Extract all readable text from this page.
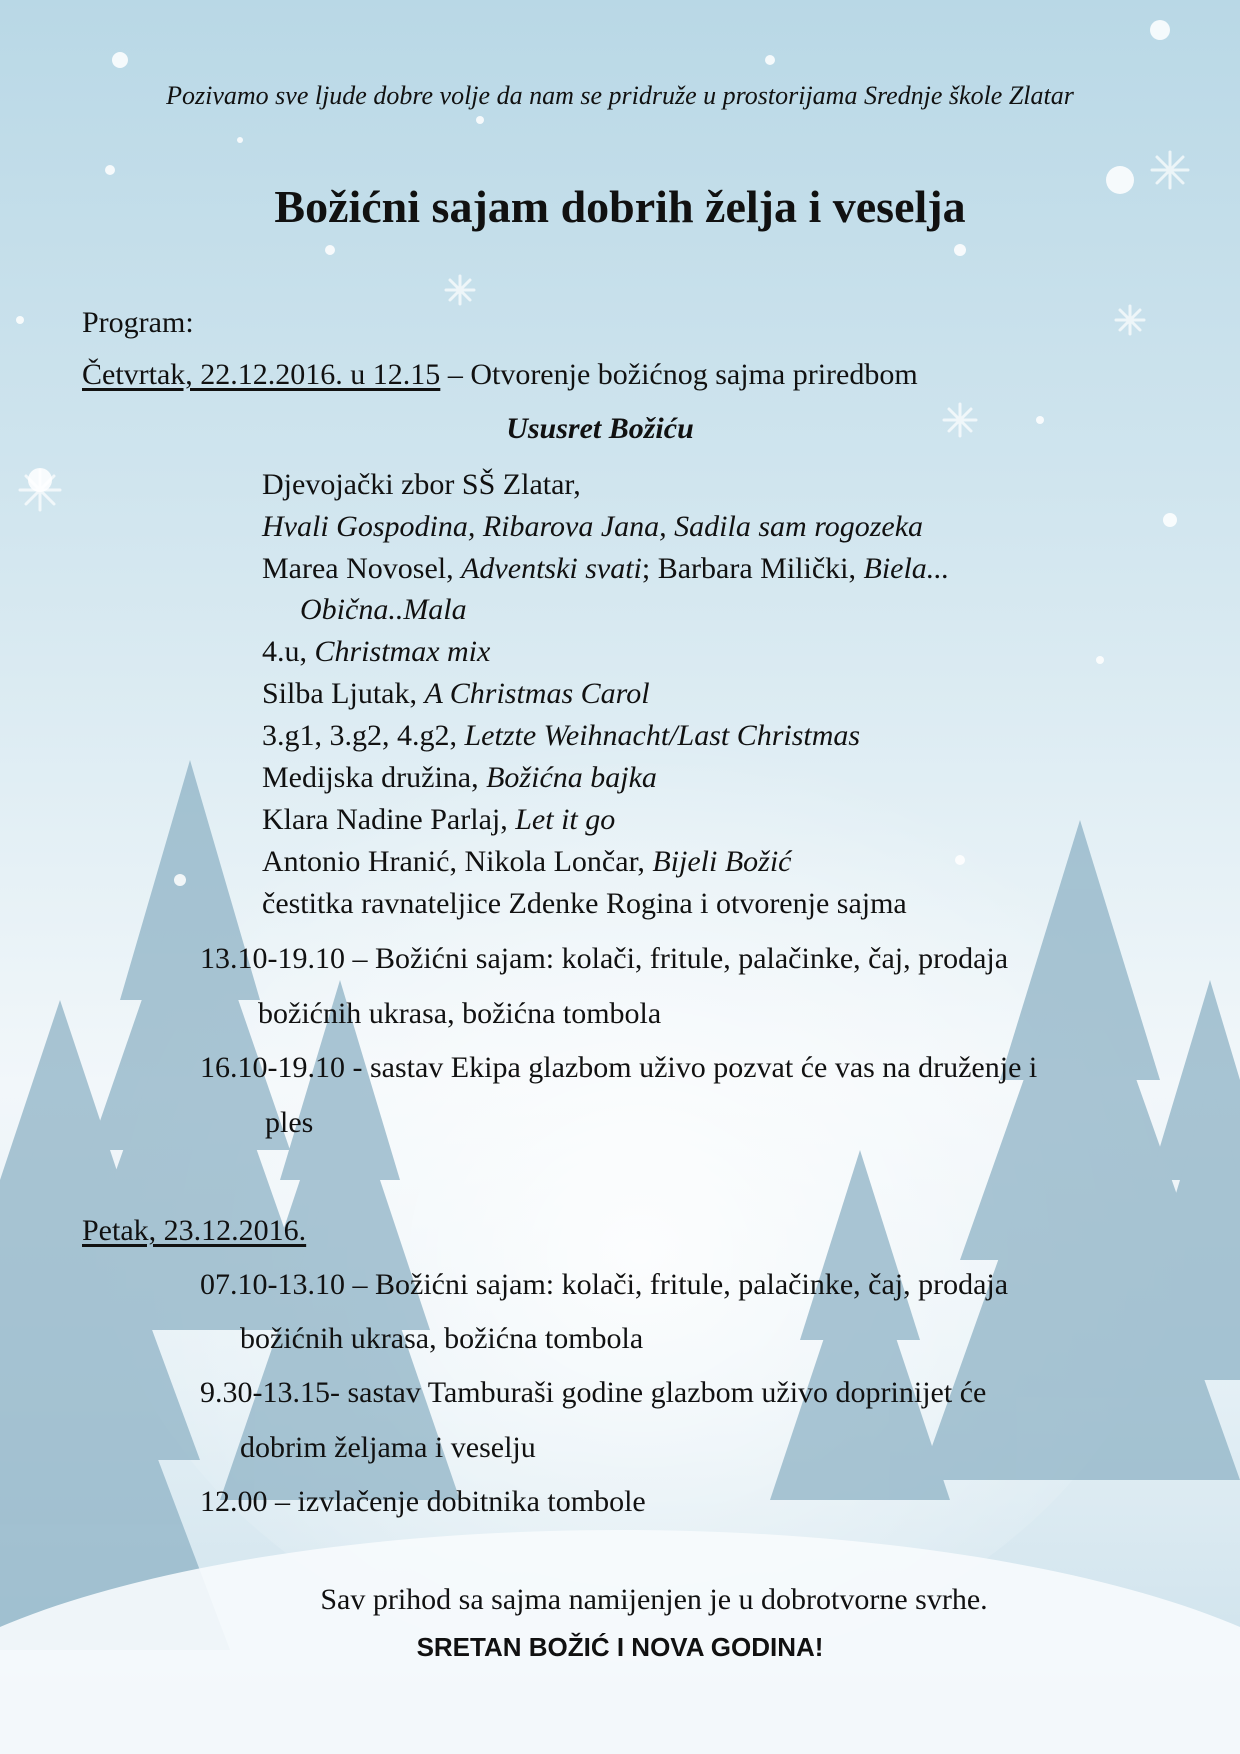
Pozivamo sve ljude dobre volje da nam se pridruže u prostorijama Srednje škole Zlatar
Božićni sajam dobrih želja i veselja
Program:
Četvrtak, 22.12.2016. u 12.15 – Otvorenje božićnog sajma priredbom
Ususret Božiću
Djevojački zbor SŠ Zlatar,
Hvali Gospodina, Ribarova Jana, Sadila sam rogozeka
Marea Novosel, Adventski svati; Barbara Milički, Biela...
Obična..Mala
4.u, Christmax mix
Silba Ljutak, A Christmas Carol
3.g1, 3.g2, 4.g2, Letzte Weihnacht/Last Christmas
Medijska družina, Božićna bajka
Klara Nadine Parlaj, Let it go
Antonio Hranić, Nikola Lončar, Bijeli Božić
čestitka ravnateljice Zdenke Rogina i otvorenje sajma
13.10-19.10 – Božićni sajam: kolači, fritule, palačinke, čaj, prodaja
božićnih ukrasa, božićna tombola
16.10-19.10 - sastav Ekipa glazbom uživo pozvat će vas na druženje i
ples
Petak, 23.12.2016.
07.10-13.10 – Božićni sajam: kolači, fritule, palačinke, čaj, prodaja
božićnih ukrasa, božićna tombola
9.30-13.15- sastav Tamburaši godine glazbom uživo doprinijet će
dobrim željama i veselju
12.00 – izvlačenje dobitnika tombole
Sav prihod sa sajma namijenjen je u dobrotvorne svrhe.
SRETAN BOŽIĆ I NOVA GODINA!
